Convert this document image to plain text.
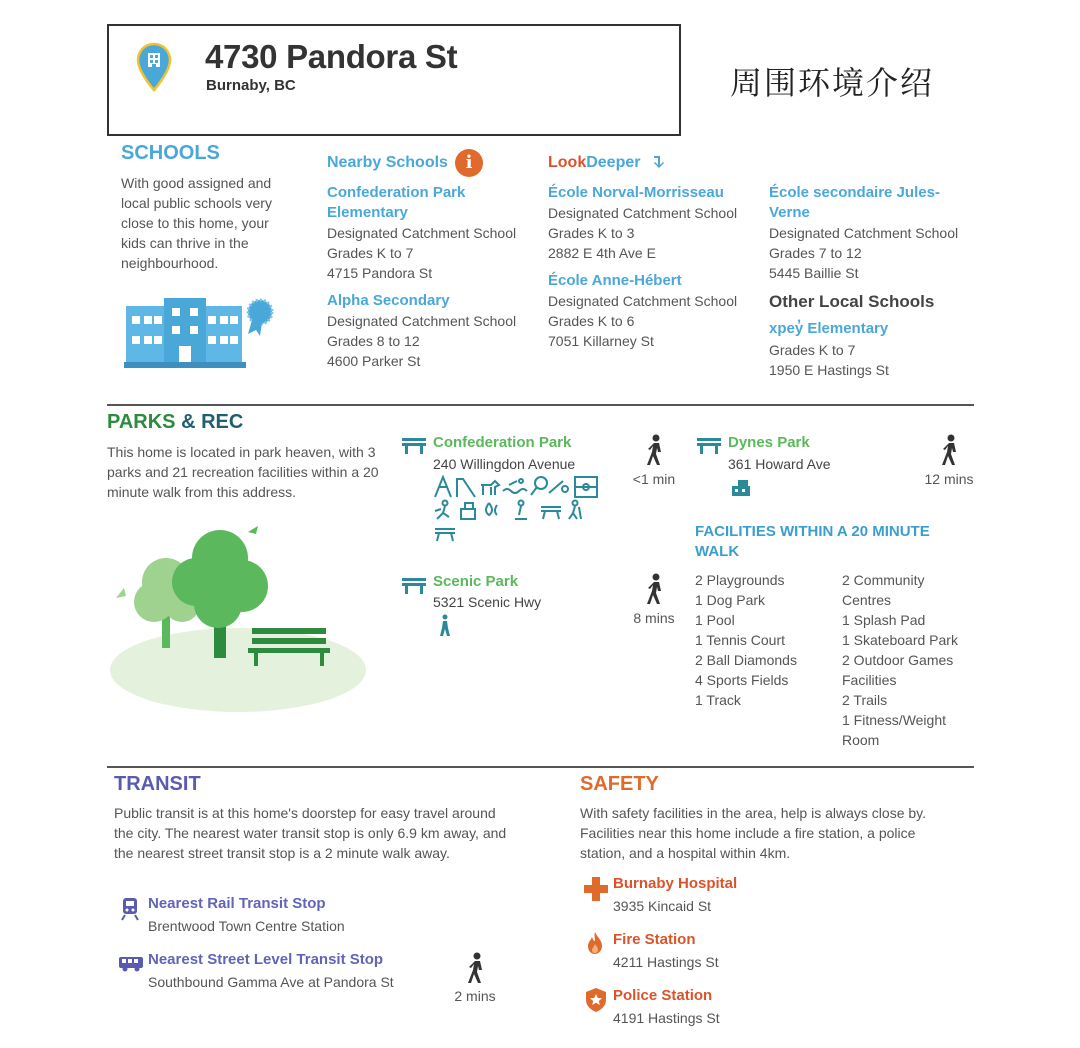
4730 Pandora St
Burnaby, BC	周围环境介绍
SCHOOLS
With good assigned and local public schools very close to this home, your kids can thrive in the neighbourhood.
Nearby Schools i	LookDeeper
Confederation Park Elementary
Designated Catchment School
Grades K to 7
4715 Pandora St
Alpha Secondary
Designated Catchment School
Grades 8 to 12
4600 Parker St
École Norval-Morrisseau
Designated Catchment School
Grades K to 3
2882 E 4th Ave E
École Anne-Hébert
Designated Catchment School
Grades K to 6
7051 Killarney St
École secondaire Jules-Verne
Designated Catchment School
Grades 7 to 12
5445 Baillie St
Other Local Schools
xpey̓ Elementary
Grades K to 7
1950 E Hastings St
PARKS & REC
This home is located in park heaven, with 3 parks and 21 recreation facilities within a 20 minute walk from this address.
Confederation Park
240 Willingdon Avenue
<1 min
Dynes Park
361 Howard Ave
12 mins
Scenic Park
5321 Scenic Hwy
8 mins
FACILITIES WITHIN A 20 MINUTE WALK
2 Playgrounds
1 Dog Park
1 Pool
1 Tennis Court
2 Ball Diamonds
4 Sports Fields
1 Track
2 Community Centres
1 Splash Pad
1 Skateboard Park
2 Outdoor Games Facilities
2 Trails
1 Fitness/Weight Room
TRANSIT
Public transit is at this home's doorstep for easy travel around the city. The nearest water transit stop is only 6.9 km away, and the nearest street transit stop is a 2 minute walk away.
Nearest Rail Transit Stop
Brentwood Town Centre Station
Nearest Street Level Transit Stop
Southbound Gamma Ave at Pandora St
2 mins
SAFETY
With safety facilities in the area, help is always close by. Facilities near this home include a fire station, a police station, and a hospital within 4km.
Burnaby Hospital
3935 Kincaid St
Fire Station
4211 Hastings St
Police Station
4191 Hastings St
